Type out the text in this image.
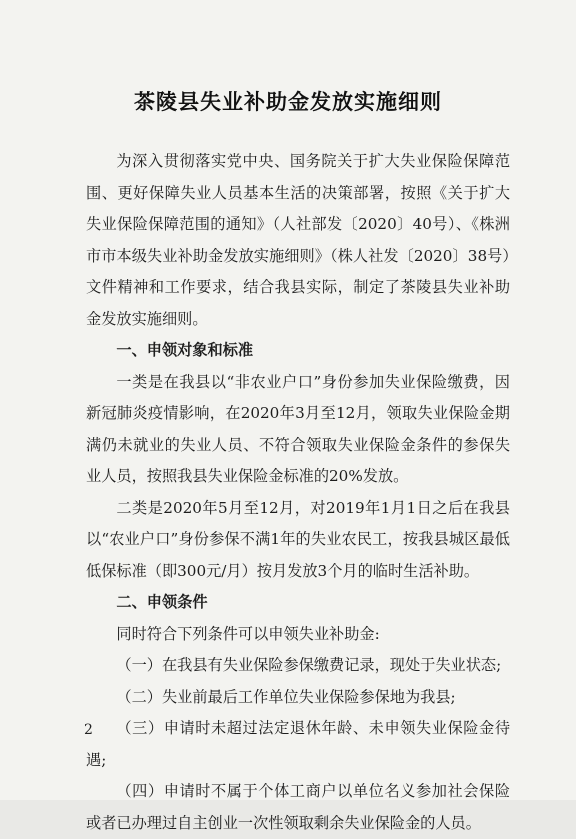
茶陵县失业补助金发放实施细则

为深入贯彻落实党中央、国务院关于扩大失业保险保障范围、更好保障失业人员基本生活的决策部署，按照《关于扩大失业保险保障范围的通知》（人社部发〔2020〕40号）、《株洲市市本级失业补助金发放实施细则》（株人社发〔2020〕38号）文件精神和工作要求，结合我县实际，制定了茶陵县失业补助金发放实施细则。

一、申领对象和标准

一类是在我县以“非农业户口”身份参加失业保险缴费，因新冠肺炎疫情影响，在2020年3月至12月，领取失业保险金期满仍未就业的失业人员、不符合领取失业保险金条件的参保失业人员，按照我县失业保险金标准的20%发放。

二类是2020年5月至12月，对2019年1月1日之后在我县以“农业户口”身份参保不满1年的失业农民工，按我县城区最低低保标准（即300元/月）按月发放3个月的临时生活补助。

二、申领条件

同时符合下列条件可以申领失业补助金:

（一）在我县有失业保险参保缴费记录，现处于失业状态;

（二）失业前最后工作单位失业保险参保地为我县;

（三）申请时未超过法定退休年龄、未申领失业保险金待遇;

（四）申请时不属于个体工商户以单位名义参加社会保险或者已办理过自主创业一次性领取剩余失业保险金的人员。

2
